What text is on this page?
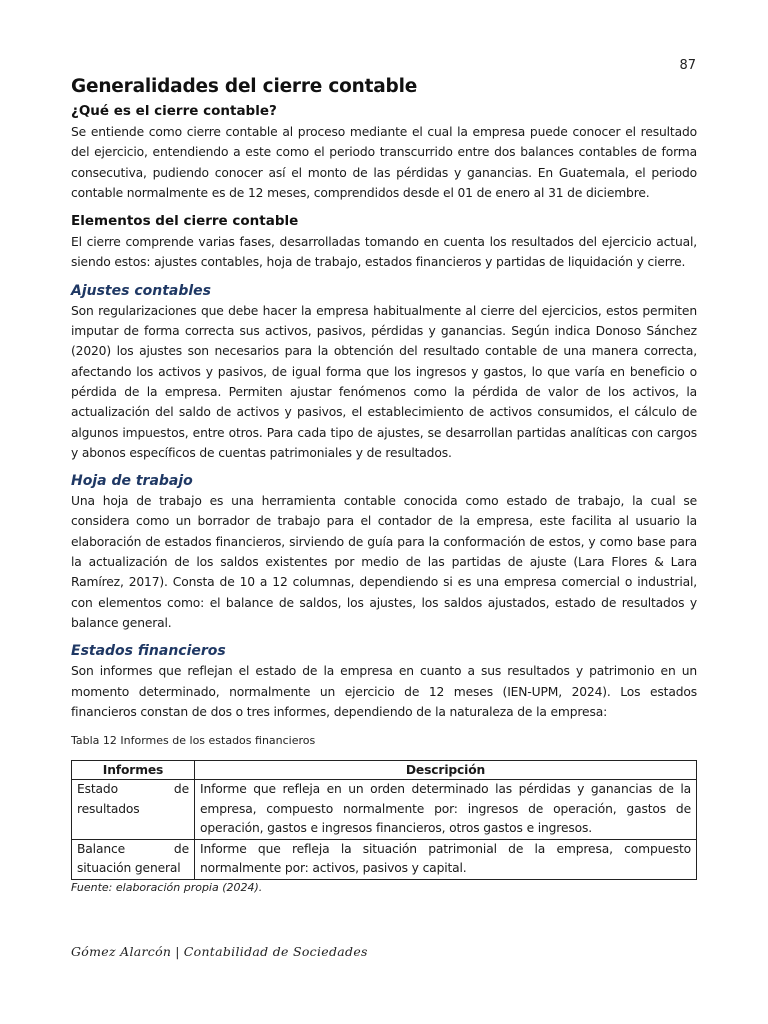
87
Generalidades del cierre contable
¿Qué es el cierre contable?

Se entiende como cierre contable al proceso mediante el cual la empresa puede conocer el resultado del ejercicio, entendiendo a este como el periodo transcurrido entre dos balances contables de forma consecutiva, pudiendo conocer así el monto de las pérdidas y ganancias. En Guatemala, el periodo contable normalmente es de 12 meses, comprendidos desde el 01 de enero al 31 de diciembre.

Elementos del cierre contable

El cierre comprende varias fases, desarrolladas tomando en cuenta los resultados del ejercicio actual, siendo estos: ajustes contables, hoja de trabajo, estados financieros y partidas de liquidación y cierre.

Ajustes contables

Son regularizaciones que debe hacer la empresa habitualmente al cierre del ejercicios, estos permiten imputar de forma correcta sus activos, pasivos, pérdidas y ganancias. Según indica Donoso Sánchez (2020) los ajustes son necesarios para la obtención del resultado contable de una manera correcta, afectando los activos y pasivos, de igual forma que los ingresos y gastos, lo que varía en beneficio o pérdida de la empresa. Permiten ajustar fenómenos como la pérdida de valor de los activos, la actualización del saldo de activos y pasivos, el establecimiento de activos consumidos, el cálculo de algunos impuestos, entre otros. Para cada tipo de ajustes, se desarrollan partidas analíticas con cargos y abonos específicos de cuentas patrimoniales y de resultados.

Hoja de trabajo

Una hoja de trabajo es una herramienta contable conocida como estado de trabajo, la cual se considera como un borrador de trabajo para el contador de la empresa, este facilita al usuario la elaboración de estados financieros, sirviendo de guía para la conformación de estos, y como base para la actualización de los saldos existentes por medio de las partidas de ajuste (Lara Flores & Lara Ramírez, 2017). Consta de 10 a 12 columnas, dependiendo si es una empresa comercial o industrial, con elementos como: el balance de saldos, los ajustes, los saldos ajustados, estado de resultados y balance general.

Estados financieros

Son informes que reflejan el estado de la empresa en cuanto a sus resultados y patrimonio en un momento determinado, normalmente un ejercicio de 12 meses (IEN-UPM, 2024). Los estados financieros constan de dos o tres informes, dependiendo de la naturaleza de la empresa:

Tabla 12 Informes de los estados financieros
Informes	Descripción
Estado de resultados	Informe que refleja en un orden determinado las pérdidas y ganancias de la empresa, compuesto normalmente por: ingresos de operación, gastos de operación, gastos e ingresos financieros, otros gastos e ingresos.
Balance de situación general	Informe que refleja la situación patrimonial de la empresa, compuesto normalmente por: activos, pasivos y capital.
Fuente: elaboración propia (2024).
Gómez Alarcón | Contabilidad de Sociedades
